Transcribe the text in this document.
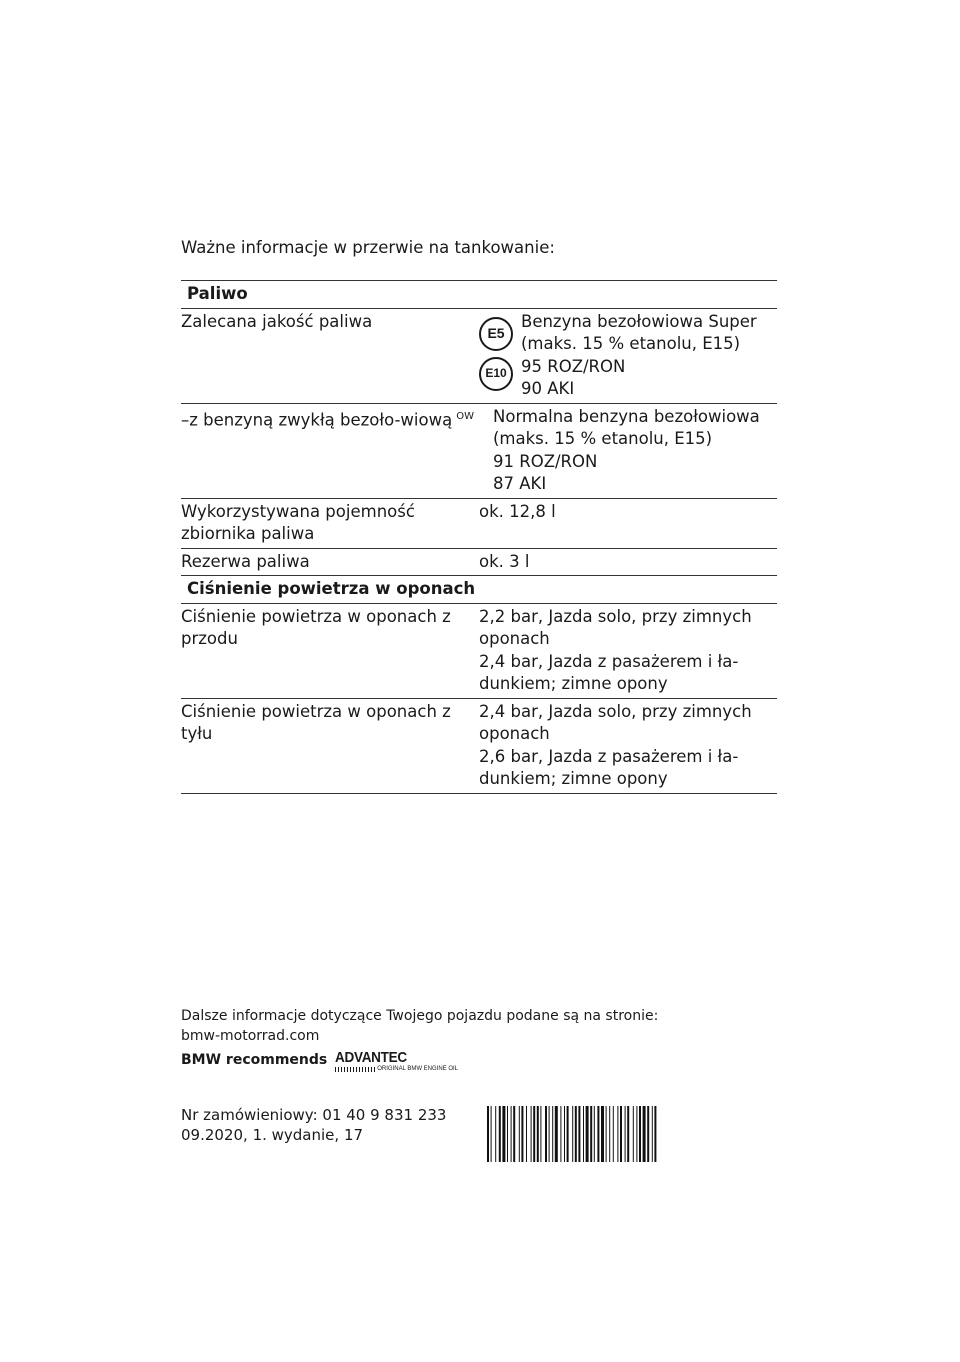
Ważne informacje w przerwie na tankowanie:
Paliwo
Zalecana jakość paliwa
E5
E10
Benzyna bezołowiowa Super
(maks. 15 % etanolu, E15)
95 ROZ/RON
90 AKI
–z benzyną zwykłą bezoło-wiową $^{OW}$	Normalna benzyna bezołowiowa
(maks. 15 % etanolu, E15)
91 ROZ/RON
87 AKI
Wykorzystywana pojemność zbiornika paliwa
ok. 12,8 l
Rezerwa paliwa	ok. 3 l
Ciśnienie powietrza w oponach
Ciśnienie powietrza w oponach z przodu
2,2 bar, Jazda solo, przy zimnych oponach
2,4 bar, Jazda z pasażerem i ła-dunkiem; zimne opony
Ciśnienie powietrza w oponach z tyłu
2,4 bar, Jazda solo, przy zimnych oponach
2,6 bar, Jazda z pasażerem i ła-dunkiem; zimne opony
Dalsze informacje dotyczące Twojego pojazdu podane są na stronie:
bmw-motorrad.com
BMW recommends ADVANTEC
ORIGINAL BMW ENGINE OIL
Nr zamówieniowy: 01 40 9 831 233
09.2020, 1. wydanie, 17
